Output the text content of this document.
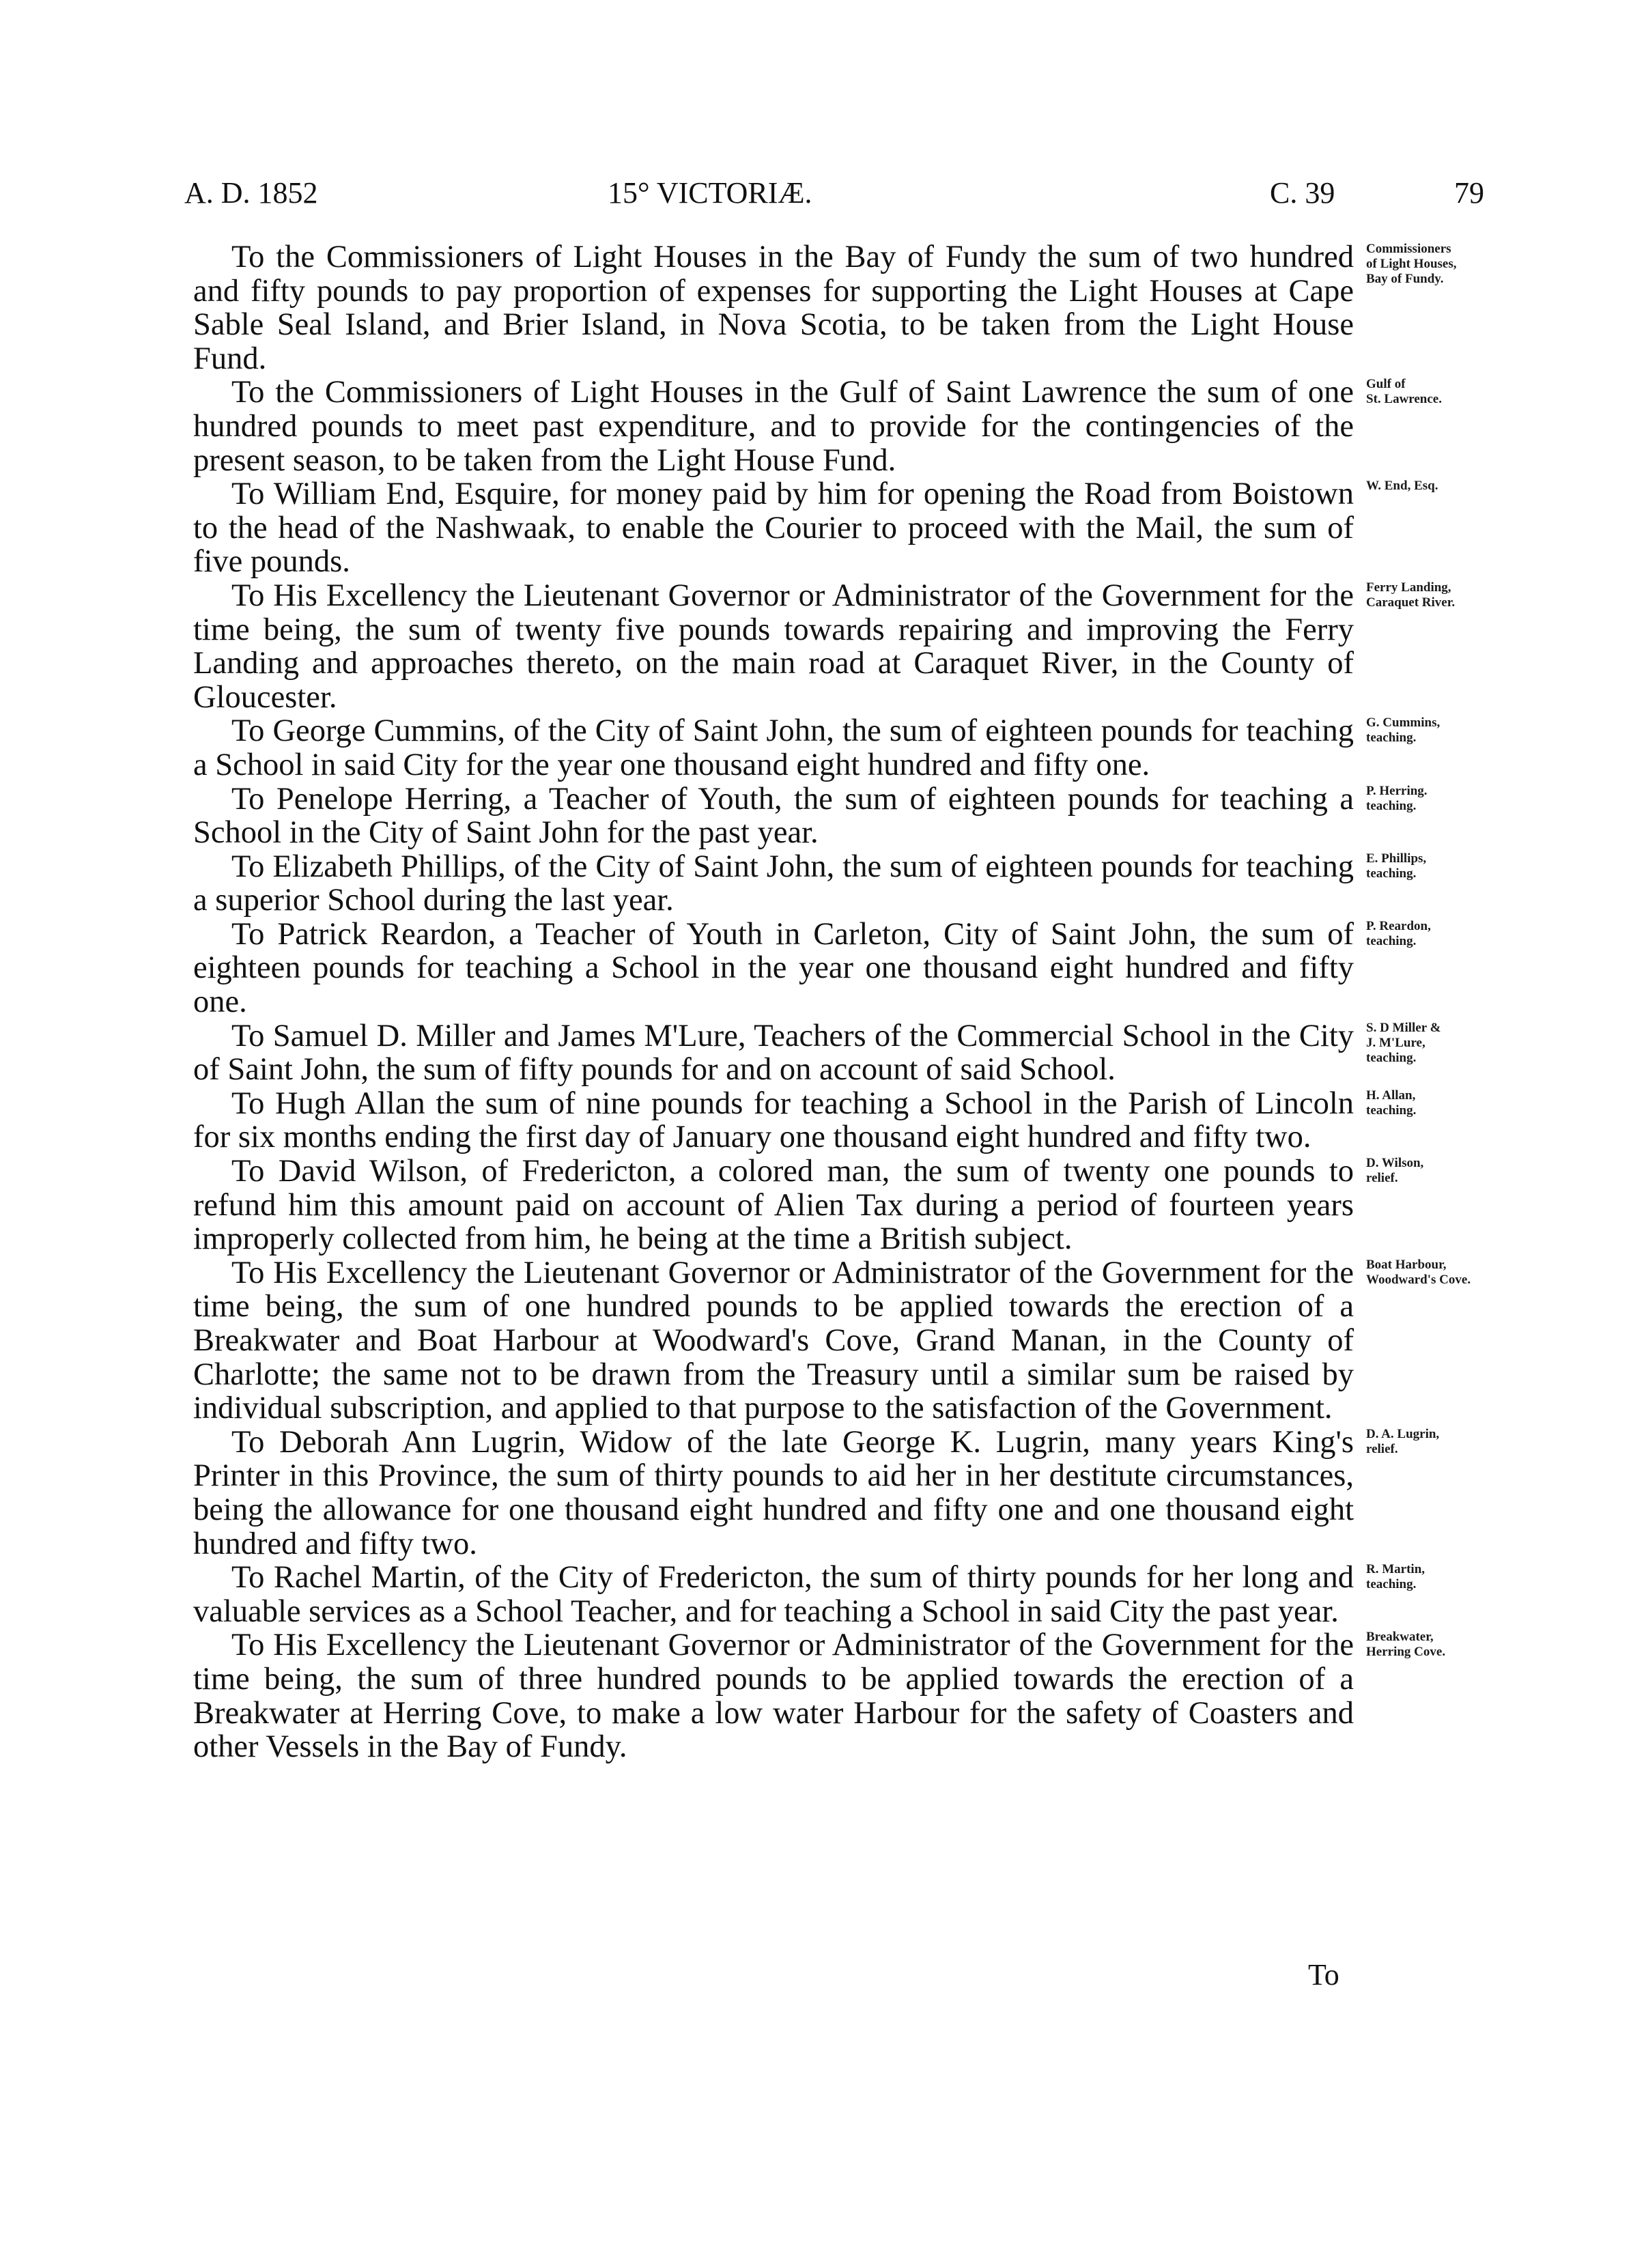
A. D. 1852	15° VICTORIÆ.	C. 39	79
To the Commissioners of Light Houses in the Bay of Fundy the sum of two hundred and fifty pounds to pay proportion of expenses for supporting the Light Houses at Cape Sable Seal Island, and Brier Island, in Nova Scotia, to be taken from the Light House Fund.
Commissioners
of Light Houses,
Bay of Fundy.
To the Commissioners of Light Houses in the Gulf of Saint Lawrence the sum of one hundred pounds to meet past expenditure, and to provide for the contingencies of the present season, to be taken from the Light House Fund.
Gulf of
St. Lawrence.
To William End, Esquire, for money paid by him for opening the Road from Boistown to the head of the Nashwaak, to enable the Courier to proceed with the Mail, the sum of five pounds.
W. End, Esq.
To His Excellency the Lieutenant Governor or Administrator of the Government for the time being, the sum of twenty five pounds towards repairing and improving the Ferry Landing and approaches thereto, on the main road at Caraquet River, in the County of Gloucester.
Ferry Landing,
Caraquet River.
To George Cummins, of the City of Saint John, the sum of eighteen pounds for teaching a School in said City for the year one thousand eight hundred and fifty one.
G. Cummins,
teaching.
To Penelope Herring, a Teacher of Youth, the sum of eighteen pounds for teaching a School in the City of Saint John for the past year.
P. Herring.
teaching.
To Elizabeth Phillips, of the City of Saint John, the sum of eighteen pounds for teaching a superior School during the last year.
E. Phillips,
teaching.
To Patrick Reardon, a Teacher of Youth in Carleton, City of Saint John, the sum of eighteen pounds for teaching a School in the year one thousand eight hundred and fifty one.
P. Reardon,
teaching.
To Samuel D. Miller and James M'Lure, Teachers of the Commercial School in the City of Saint John, the sum of fifty pounds for and on account of said School.
S. D Miller &
J. M'Lure,
teaching.
To Hugh Allan the sum of nine pounds for teaching a School in the Parish of Lincoln for six months ending the first day of January one thousand eight hundred and fifty two.
H. Allan,
teaching.
To David Wilson, of Fredericton, a colored man, the sum of twenty one pounds to refund him this amount paid on account of Alien Tax during a period of fourteen years improperly collected from him, he being at the time a British subject.
D. Wilson,
relief.
To His Excellency the Lieutenant Governor or Administrator of the Government for the time being, the sum of one hundred pounds to be applied towards the erection of a Breakwater and Boat Harbour at Woodward's Cove, Grand Manan, in the County of Charlotte; the same not to be drawn from the Treasury until a similar sum be raised by individual subscription, and applied to that purpose to the satisfaction of the Government.
Boat Harbour,
Woodward's Cove.
To Deborah Ann Lugrin, Widow of the late George K. Lugrin, many years King's Printer in this Province, the sum of thirty pounds to aid her in her destitute circumstances, being the allowance for one thousand eight hundred and fifty one and one thousand eight hundred and fifty two.
D. A. Lugrin,
relief.
To Rachel Martin, of the City of Fredericton, the sum of thirty pounds for her long and valuable services as a School Teacher, and for teaching a School in said City the past year.
R. Martin,
teaching.
To His Excellency the Lieutenant Governor or Administrator of the Government for the time being, the sum of three hundred pounds to be applied towards the erection of a Breakwater at Herring Cove, to make a low water Harbour for the safety of Coasters and other Vessels in the Bay of Fundy.
Breakwater,
Herring Cove.
To
